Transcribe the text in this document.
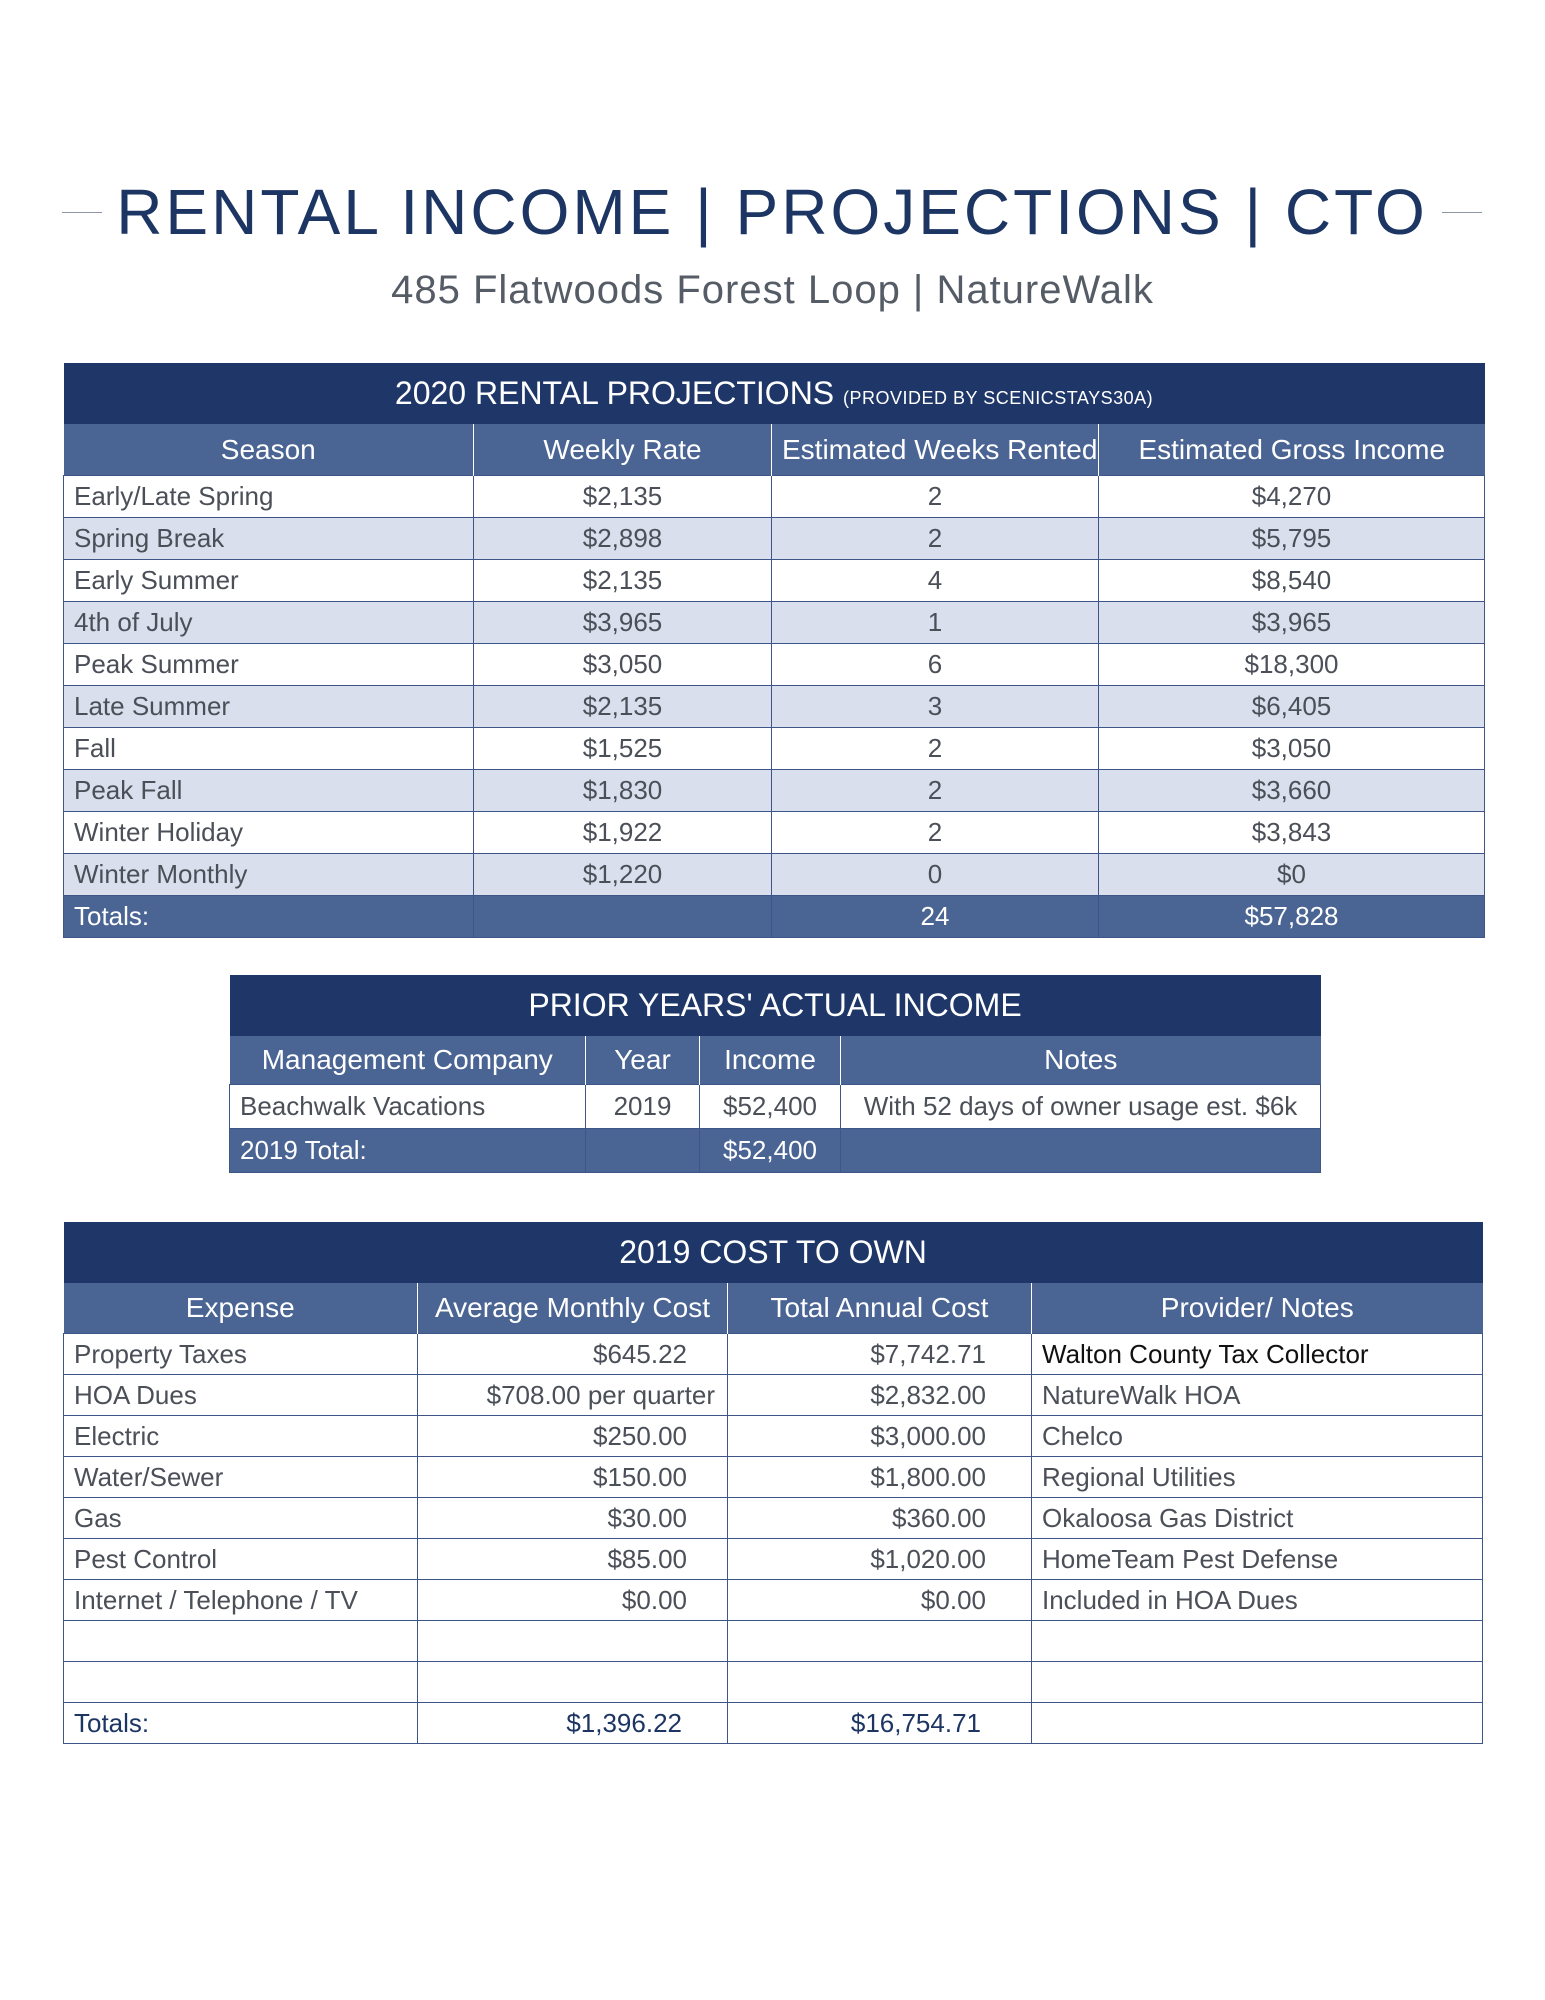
RENTAL INCOME | PROJECTIONS | CTO
485 Flatwoods Forest Loop | NatureWalk
2020 RENTAL PROJECTIONS (PROVIDED BY SCENICSTAYS30A)			
Season	Weekly Rate	Estimated Weeks Rented	Estimated Gross Income
Early/Late Spring	$2,135	2	$4,270
Spring Break	$2,898	2	$5,795
Early Summer	$2,135	4	$8,540
4th of July	$3,965	1	$3,965
Peak Summer	$3,050	6	$18,300
Late Summer	$2,135	3	$6,405
Fall	$1,525	2	$3,050
Peak Fall	$1,830	2	$3,660
Winter Holiday	$1,922	2	$3,843
Winter Monthly	$1,220	0	$0
Totals:		24	$57,828
PRIOR YEARS' ACTUAL INCOME			
Management Company	Year	Income	Notes
Beachwalk Vacations	2019	$52,400	With 52 days of owner usage est. $6k
2019 Total:		$52,400	
2019 COST TO OWN			
Expense	Average Monthly Cost	Total Annual Cost	Provider/ Notes
Property Taxes	$645.22	$7,742.71	Walton County Tax Collector
HOA Dues	$708.00 per quarter	$2,832.00	NatureWalk HOA
Electric	$250.00	$3,000.00	Chelco
Water/Sewer	$150.00	$1,800.00	Regional Utilities
Gas	$30.00	$360.00	Okaloosa Gas District
Pest Control	$85.00	$1,020.00	HomeTeam Pest Defense
Internet / Telephone / TV	$0.00	$0.00	Included in HOA Dues

Totals:	$1,396.22	$16,754.71	
